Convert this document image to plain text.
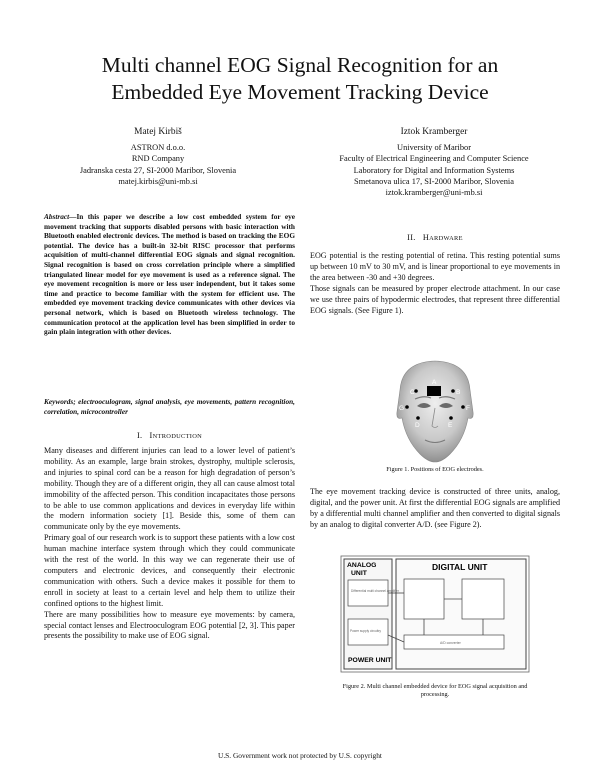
Multi channel EOG Signal Recognition for an
Embedded Eye Movement Tracking Device
Matej Kirbiš
ASTRON d.o.o.
RND Company
Jadranska cesta 27, SI-2000 Maribor, Slovenia
matej.kirbis@uni-mb.si
Iztok Kramberger
University of Maribor
Faculty of Electrical Engineering and Computer Science
Laboratory for Digital and Information Systems
Smetanova ulica 17, SI-2000 Maribor, Slovenia
iztok.kramberger@uni-mb.si
Abstract—In this paper we describe a low cost embedded system for eye movement tracking that supports disabled persons with basic interaction with Bluetooth enabled electronic devices. The method is based on tracking the EOG potential. The device has a built-in 32-bit RISC processor that performs acquisition of multi-channel differential EOG signals and signal recognition. Signal recognition is based on cross correlation principle where a simplified triangulated linear model for eye movement is used as a reference signal. The eye movement recognition is more or less user independent, but it takes some time and practice to become familiar with the system for efficient use. The embedded eye movement tracking device communicates with other devices via personal network, which is based on Bluetooth wireless technology. The communication protocol at the application level has been simplified in order to gain plain integration with other devices.
Keywords; electrooculogram, signal analysis, eye movements, pattern recognition, correlation, microcontroller
I. INTRODUCTION

Many diseases and different injuries can lead to a lower level of patient’s mobility. As an example, large brain strokes, dystrophy, multiple sclerosis, and injuries to spinal cord can be a reason for high degradation of person’s mobility. Though they are of a different origin, they all can cause almost total immobility of the affected person. This condition incapacitates those persons to be able to use common applications and devices in everyday life within the modern information society [1]. Beside this, some of them can communicate only by the eye movements.

Primary goal of our research work is to support these patients with a low cost human machine interface system through which they could communicate with the rest of the world. In this way we can regenerate their use of computers and electronic devices, and consequently their electronic communication with others. Such a device makes it possible for them to enroll in society at least to a certain level and help them to utilize their confined options to the highest limit.

There are many possibilities how to measure eye movements: by camera, special contact lenses and Electrooculogram EOG potential [2, 3]. This paper presents the possibility to make use of EOG signal.

II. HARDWARE

EOG potential is the resting potential of retina. This resting potential sums up between 10 mV to 30 mV, and is linear proportional to eye movements in the area between -30 and +30 degrees.

Those signals can be measured by proper electrode attachment. In our case we use three pairs of hypodermic electrodes, that represent three differential EOG signals. (See Figure 1).

A
B
C
D	E
F
G
Figure 1. Positions of EOG electrodes.

The eye movement tracking device is constructed of three units, analog, digital, and the power unit. At first the differential EOG signals are amplified by a differential multi channel amplifier and then converted to digital signals by an analog to digital converter A/D. (see Figure 2).

ANALOG
UNIT
DIGITAL UNIT
Differential multi channel amplifier
Power supply circuitry
POWER UNIT
A/D converter
Figure 2. Multi channel embedded device for EOG signal acquisition and
processing.
U.S. Government work not protected by U.S. copyright
